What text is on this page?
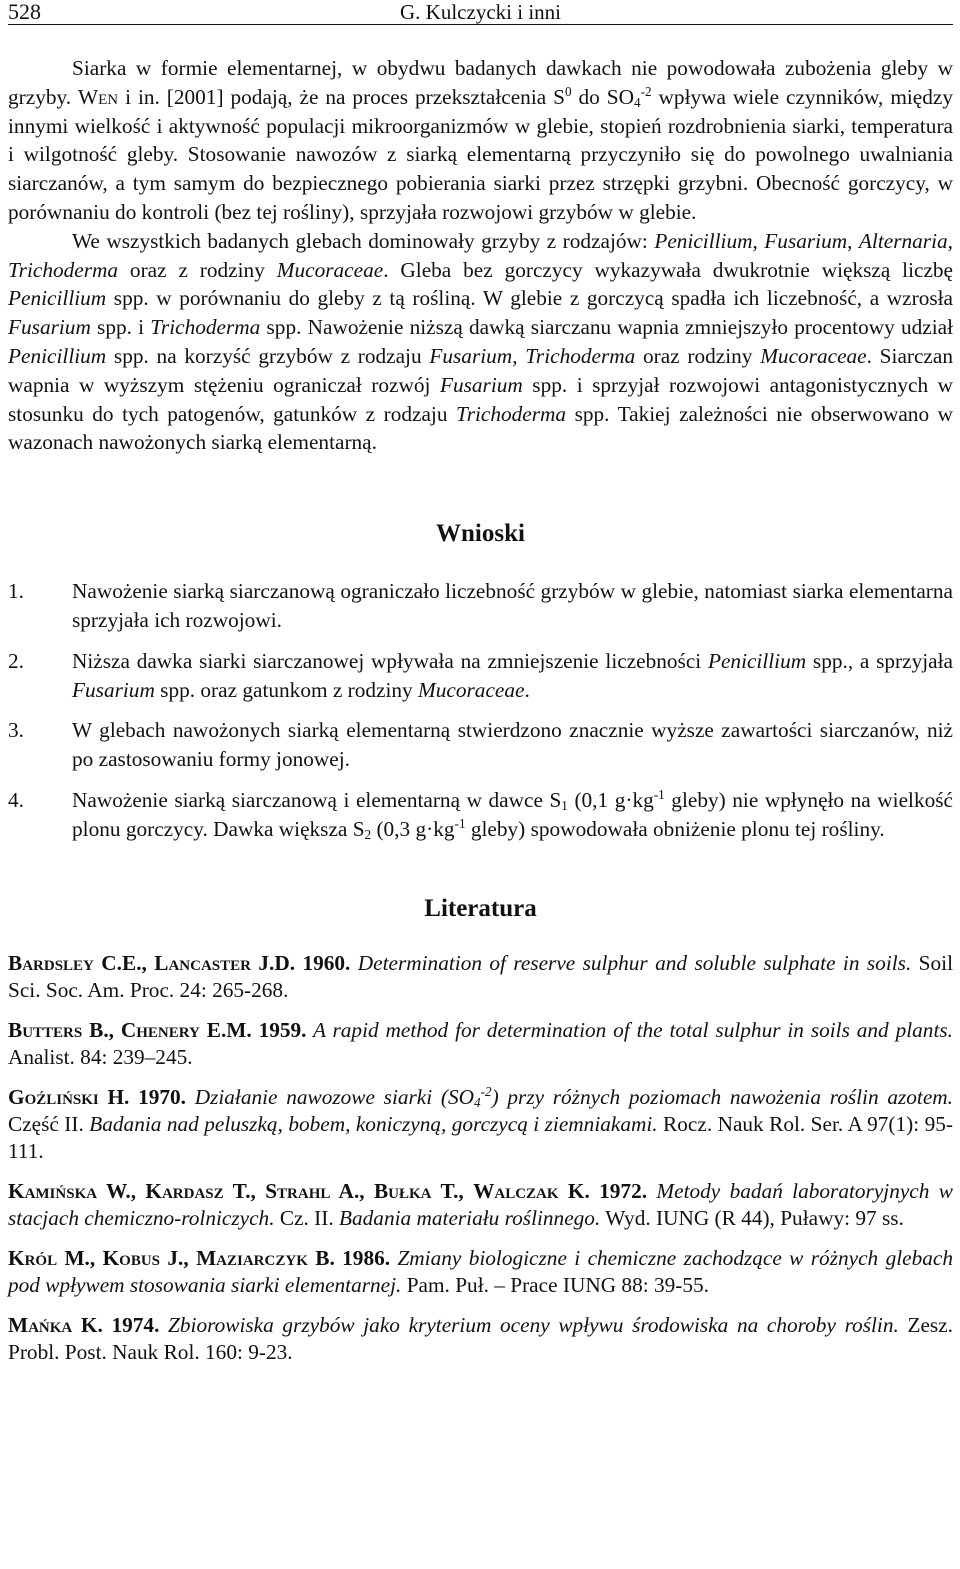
528	G. Kulczycki i inni

Siarka w formie elementarnej, w obydwu badanych dawkach nie powodowała zubożenia gleby w grzyby. Wen i in. [2001] podają, że na proces przekształcenia $S^0$ do $SO_4^{-2}$ wpływa wiele czynników, między innymi wielkość i aktywność populacji mikroorganizmów w glebie, stopień rozdrobnienia siarki, temperatura i wilgotność gleby. Stosowanie nawozów z siarką elementarną przyczyniło się do powolnego uwalniania siarczanów, a tym samym do bezpiecznego pobierania siarki przez strzępki grzybni. Obecność gorczycy, w porównaniu do kontroli (bez tej rośliny), sprzyjała rozwojowi grzybów w glebie.

We wszystkich badanych glebach dominowały grzyby z rodzajów: Penicillium, Fusarium, Alternaria, Trichoderma oraz z rodziny Mucoraceae. Gleba bez gorczycy wykazywała dwukrotnie większą liczbę Penicillium spp. w porównaniu do gleby z tą rośliną. W glebie z gorczycą spadła ich liczebność, a wzrosła Fusarium spp. i Trichoderma spp. Nawożenie niższą dawką siarczanu wapnia zmniejszyło procentowy udział Penicillium spp. na korzyść grzybów z rodzaju Fusarium, Trichoderma oraz rodziny Mucoraceae. Siarczan wapnia w wyższym stężeniu ograniczał rozwój Fusarium spp. i sprzyjał rozwojowi antagonistycznych w stosunku do tych patogenów, gatunków z rodzaju Trichoderma spp. Takiej zależności nie obserwowano w wazonach nawożonych siarką elementarną.

Wnioski
1. Nawożenie siarką siarczanową ograniczało liczebność grzybów w glebie, natomiast siarka elementarna sprzyjała ich rozwojowi.
2. Niższa dawka siarki siarczanowej wpływała na zmniejszenie liczebności Penicillium spp., a sprzyjała Fusarium spp. oraz gatunkom z rodziny Mucoraceae.
3. W glebach nawożonych siarką elementarną stwierdzono znacznie wyższe zawartości siarczanów, niż po zastosowaniu formy jonowej.
4. Nawożenie siarką siarczanową i elementarną w dawce $S_1$ (0,1 $g\cdot kg^{-1}$ gleby) nie wpłynęło na wielkość plonu gorczycy. Dawka większa $S_2$ (0,3 $g\cdot kg^{-1}$ gleby) spowodowała obniżenie plonu tej rośliny.
Literatura
Bardsley C.E., Lancaster J.D. 1960. Determination of reserve sulphur and soluble sulphate in soils. Soil Sci. Soc. Am. Proc. 24: 265-268.
Butters B., Chenery E.M. 1959. A rapid method for determination of the total sulphur in soils and plants. Analist. 84: 239–245.
Goźliński H. 1970. Działanie nawozowe siarki $(SO_4^{-2})$ przy różnych poziomach nawożenia roślin azotem. Część II. Badania nad peluszką, bobem, koniczyną, gorczycą i ziemniakami. Rocz. Nauk Rol. Ser. A 97(1): 95-111.
Kamińska W., Kardasz T., Strahl A., Bułka T., Walczak K. 1972. Metody badań laboratoryjnych w stacjach chemiczno-rolniczych. Cz. II. Badania materiału roślinnego. Wyd. IUNG (R 44), Puławy: 97 ss.
Król M., Kobus J., Maziarczyk B. 1986. Zmiany biologiczne i chemiczne zachodzące w różnych glebach pod wpływem stosowania siarki elementarnej. Pam. Puł. – Prace IUNG 88: 39-55.
Mańka K. 1974. Zbiorowiska grzybów jako kryterium oceny wpływu środowiska na choroby roślin. Zesz. Probl. Post. Nauk Rol. 160: 9-23.
